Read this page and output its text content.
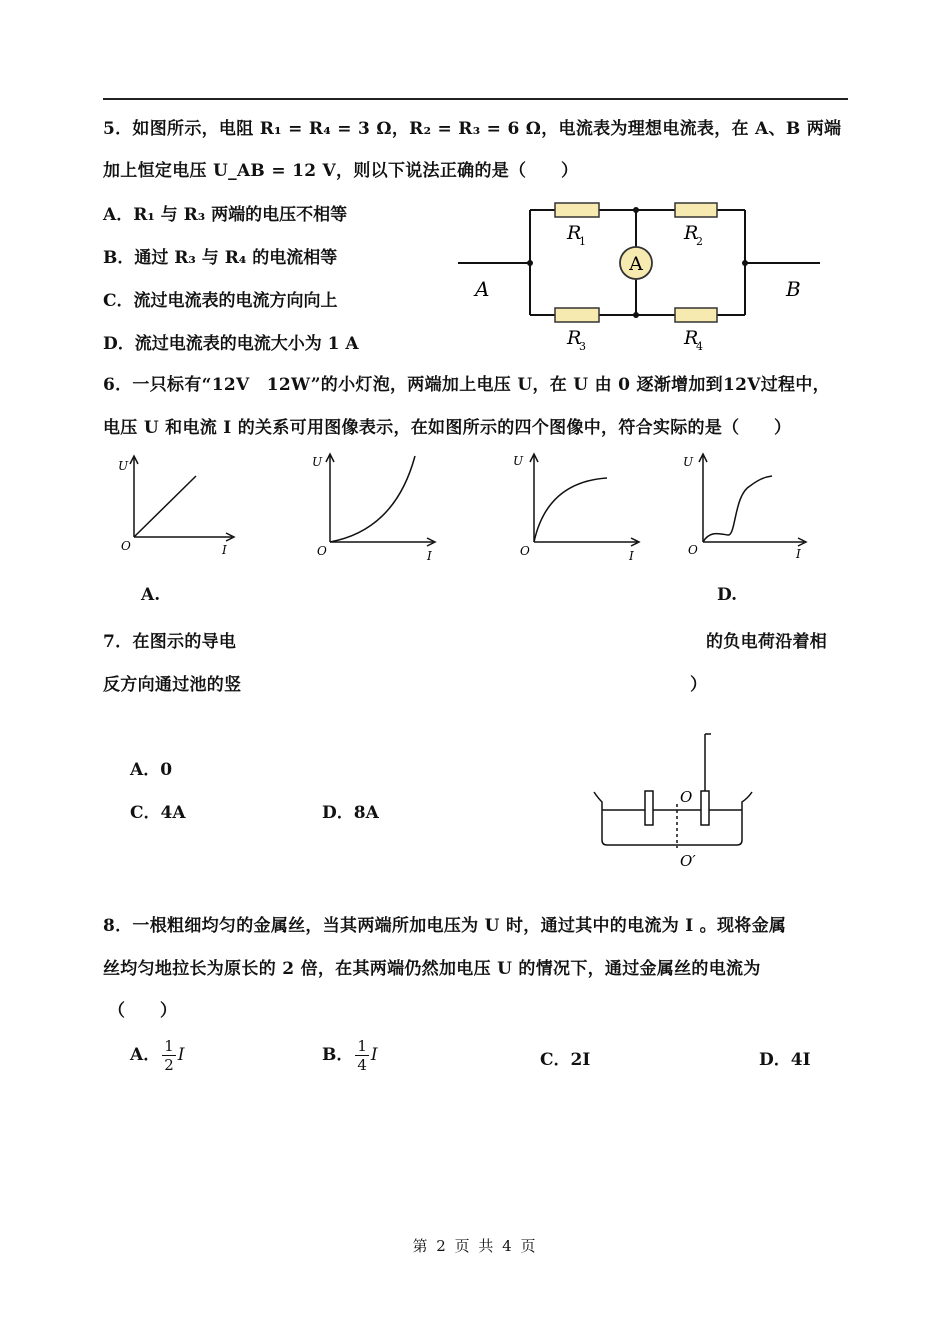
5．如图所示，电阻 R₁ = R₄ = 3 Ω，R₂ = R₃ = 6 Ω，电流表为理想电流表，在 A、B 两端
加上恒定电压 U_AB = 12 V，则以下说法正确的是（　　）
A．R₁ 与 R₃ 两端的电压不相等
B．通过 R₃ 与 R₄ 的电流相等
C．流过电流表的电流方向向上
D．流过电流表的电流大小为 1 A
A
R
1	R
2
R
3	R
4
A	B
6．一只标有“12V　12W”的小灯泡，两端加上电压 U，在 U 由 0 逐渐增加到12V过程中，
电压 U 和电流 I 的关系可用图像表示，在如图所示的四个图像中，符合实际的是（　　）
U
I
O
U
I
O
U
I
O
U
I
O
A.	D.
7．在图示的导电	的负电荷沿着相
反方向通过池的竖	）
A．0
C．4A	D．8A
O
O′
8．一根粗细均匀的金属丝，当其两端所加电压为 U 时，通过其中的电流为 I 。现将金属
丝均匀地拉长为原长的 2 倍，在其两端仍然加电压 U 的情况下，通过金属丝的电流为
（　　）
A． $\frac{1}{2}$ I	B． $\frac{1}{4}$ I	C．2I	D．4I
第 2 页 共 4 页
